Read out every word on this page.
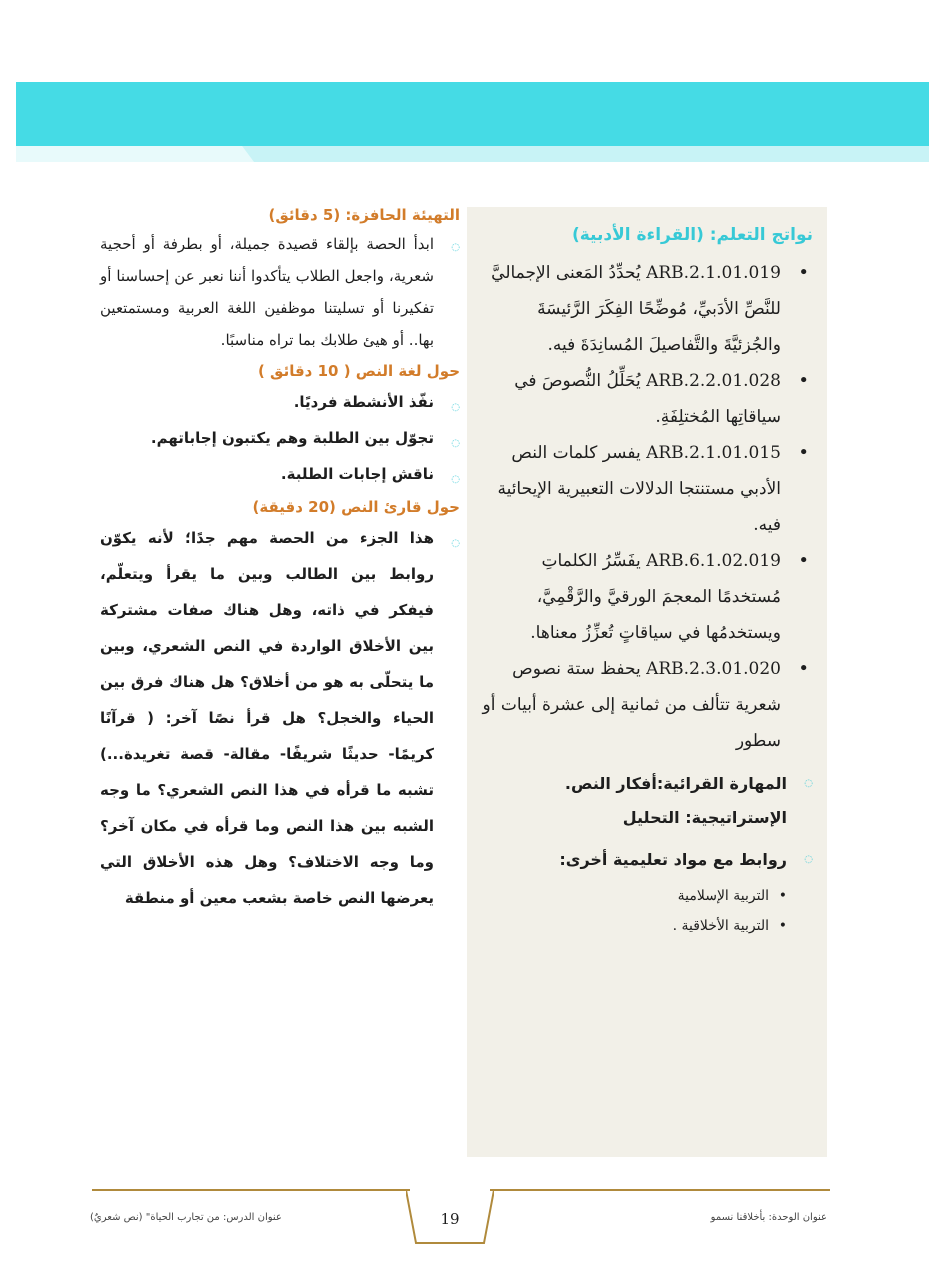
نواتج التعلم: (القراءة الأدبية)
•
ARB.2.1.01.019 يُحدِّدُ المَعنى الإجماليَّ للنَّصِّ الأدَبيِّ، مُوضِّحًا الفِكَرَ الرَّئيسَةَ والجُزئيَّةَ والتَّفاصيلَ المُسانِدَةَ فيه.
•
ARB.2.2.01.028 يُحَلِّلُ النُّصوصَ في سياقاتِها المُختلِفَةِ.
•
ARB.2.1.01.015 يفسر كلمات النص الأدبي مستنتجا الدلالات التعبيرية الإيحائية فيه.
•
ARB.6.1.02.019 يفَسِّرُ الكلماتِ مُستخدمًا المعجمَ الورقيَّ والرَّقْمِيَّ، ويستخدمُها في سياقاتٍ تُعزِّزُ معناها.
•
ARB.2.3.01.020 يحفظ ستة نصوص شعرية تتألف من ثمانية إلى عشرة أبيات أو سطور
◌
المهارة القرائية:أفكار النص.
الإستراتيجية: التحليل
◌
روابط مع مواد تعليمية أخرى:
•
التربية الإسلامية
•
التربية الأخلاقية .
التهيئة الحافزة: (5 دقائق)
◌
ابدأ الحصة بإلقاء قصيدة جميلة، أو بطرفة أو أحجية شعرية، واجعل الطلاب يتأكدوا أننا نعبر عن إحساسنا أو تفكيرنا أو تسليتنا موظفين اللغة العربية ومستمتعين بها.. أو هيئ طلابك بما تراه مناسبًا.
حول لغة النص ( 10 دقائق )
◌
نفّذ الأنشطة فرديًا.
◌
تجوّل بين الطلبة وهم يكتبون إجاباتهم.
◌
ناقش إجابات الطلبة.
حول قارئ النص (20 دقيقة)
◌
هذا الجزء من الحصة مهم جدًا؛ لأنه يكوّن روابط بين الطالب وبين ما يقرأ ويتعلّم، فيفكر في ذاته، وهل هناك صفات مشتركة بين الأخلاق الواردة في النص الشعري، وبين ما يتحلّى به هو من أخلاق؟ هل هناك فرق بين الحياء والخجل؟ هل قرأ نصًا آخر: ( قرآنًا كريمًا- حديثًا شريفًا- مقالة- قصة تغريدة...) تشبه ما قرأه في هذا النص الشعري؟ ما وجه الشبه بين هذا النص وما قرأه في مكان آخر؟ وما وجه الاختلاف؟ وهل هذه الأخلاق التي يعرضها النص خاصة بشعب معين أو منطقة
19
عنوان الدرس: من تجارب الحياة" (نص شعريٌ)	عنوان الوحدة: بأخلاقنا نسمو
